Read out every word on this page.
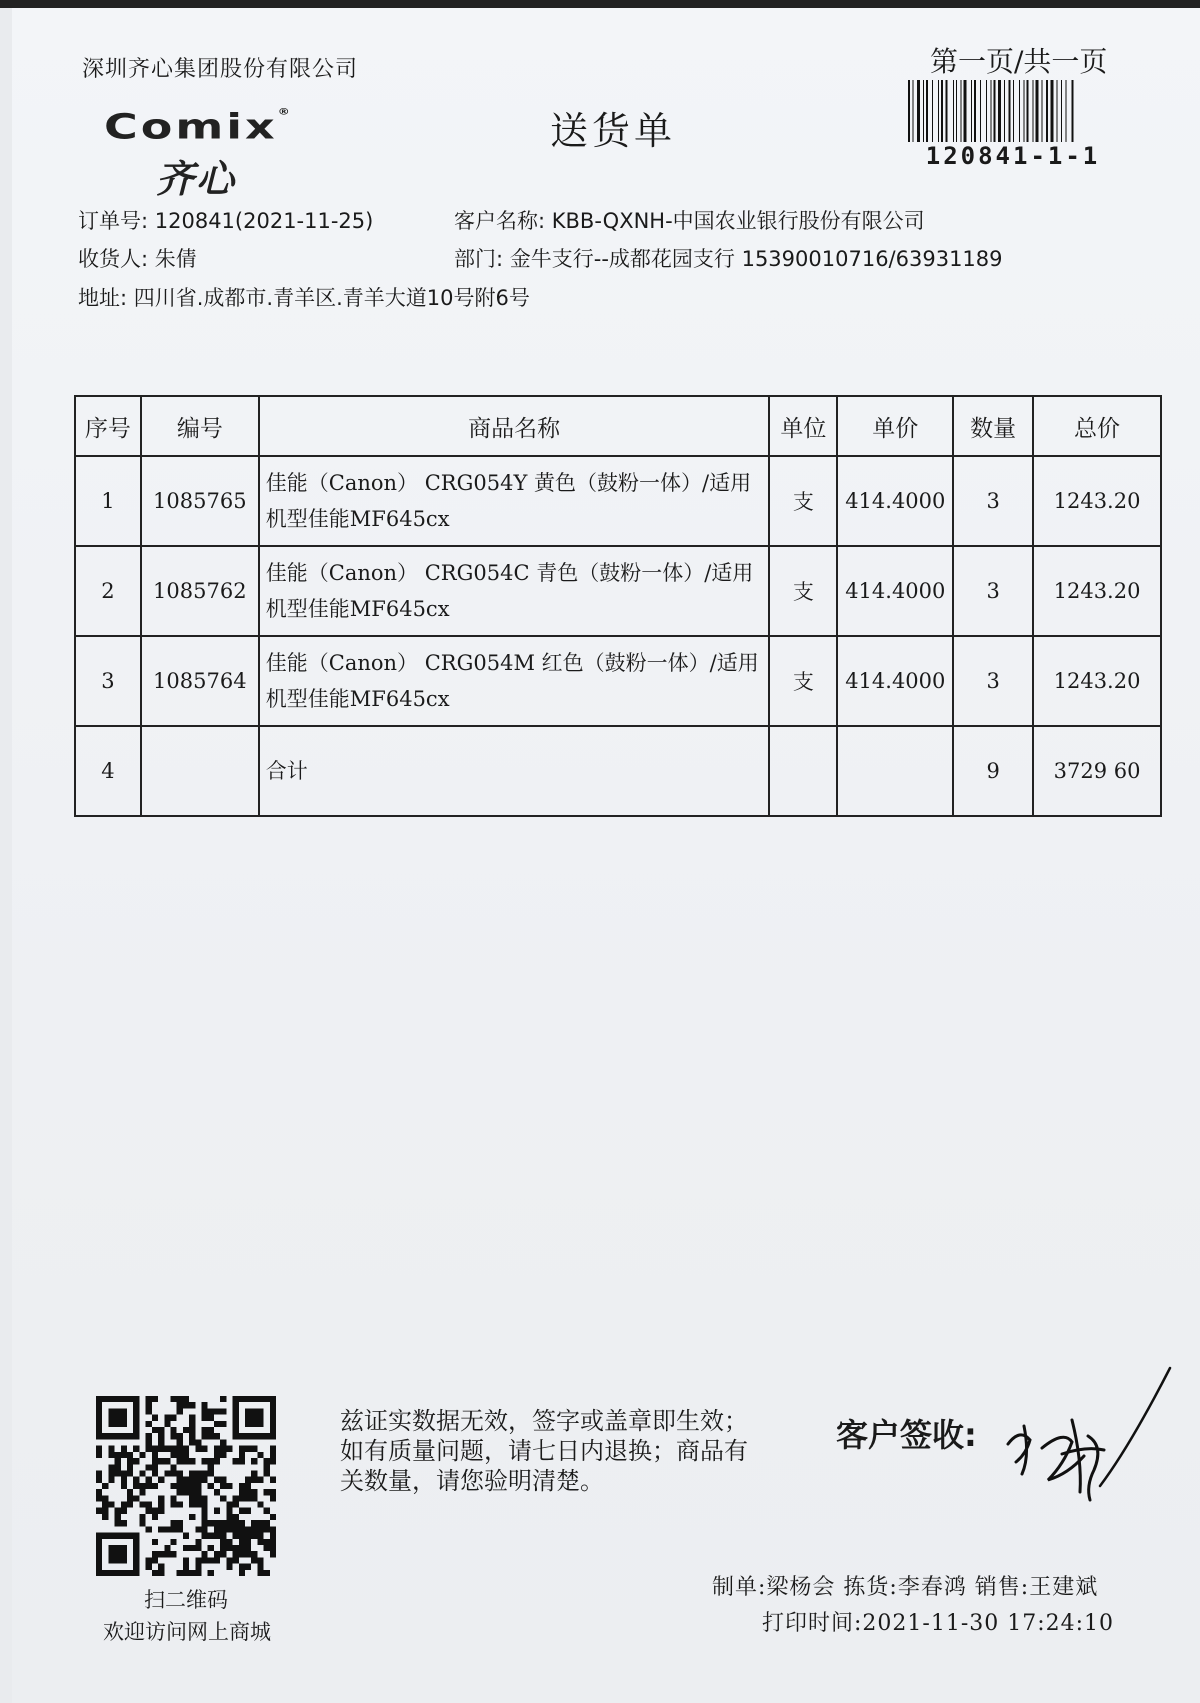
深圳齐心集团股份有限公司
Comix®
齐心
送货单
第一页/共一页
120841-1-1
订单号: 120841(2021-11-25)	客户名称: KBB-QXNH-中国农业银行股份有限公司
收货人: 朱倩	部门: 金牛支行--成都花园支行 15390010716/63931189
地址: 四川省.成都市.青羊区.青羊大道10号附6号
序号	编号	商品名称	单位	单价	数量	总价
1	1085765	佳能（Canon） CRG054Y 黄色（鼓粉一体）/适用机型佳能MF645cx	支	414.4000	3	1243.20
2	1085762	佳能（Canon） CRG054C 青色（鼓粉一体）/适用机型佳能MF645cx	支	414.4000	3	1243.20
3	1085764	佳能（Canon） CRG054M 红色（鼓粉一体）/适用机型佳能MF645cx	支	414.4000	3	1243.20
4		合计			9	3729 60
扫二维码
欢迎访问网上商城
兹证实数据无效，签字或盖章即生效；如有质量问题，请七日内退换；商品有关数量，请您验明清楚。
客户签收:
制单:梁杨会 拣货:李春鸿 销售:王建斌
打印时间:2021-11-30 17:24:10
